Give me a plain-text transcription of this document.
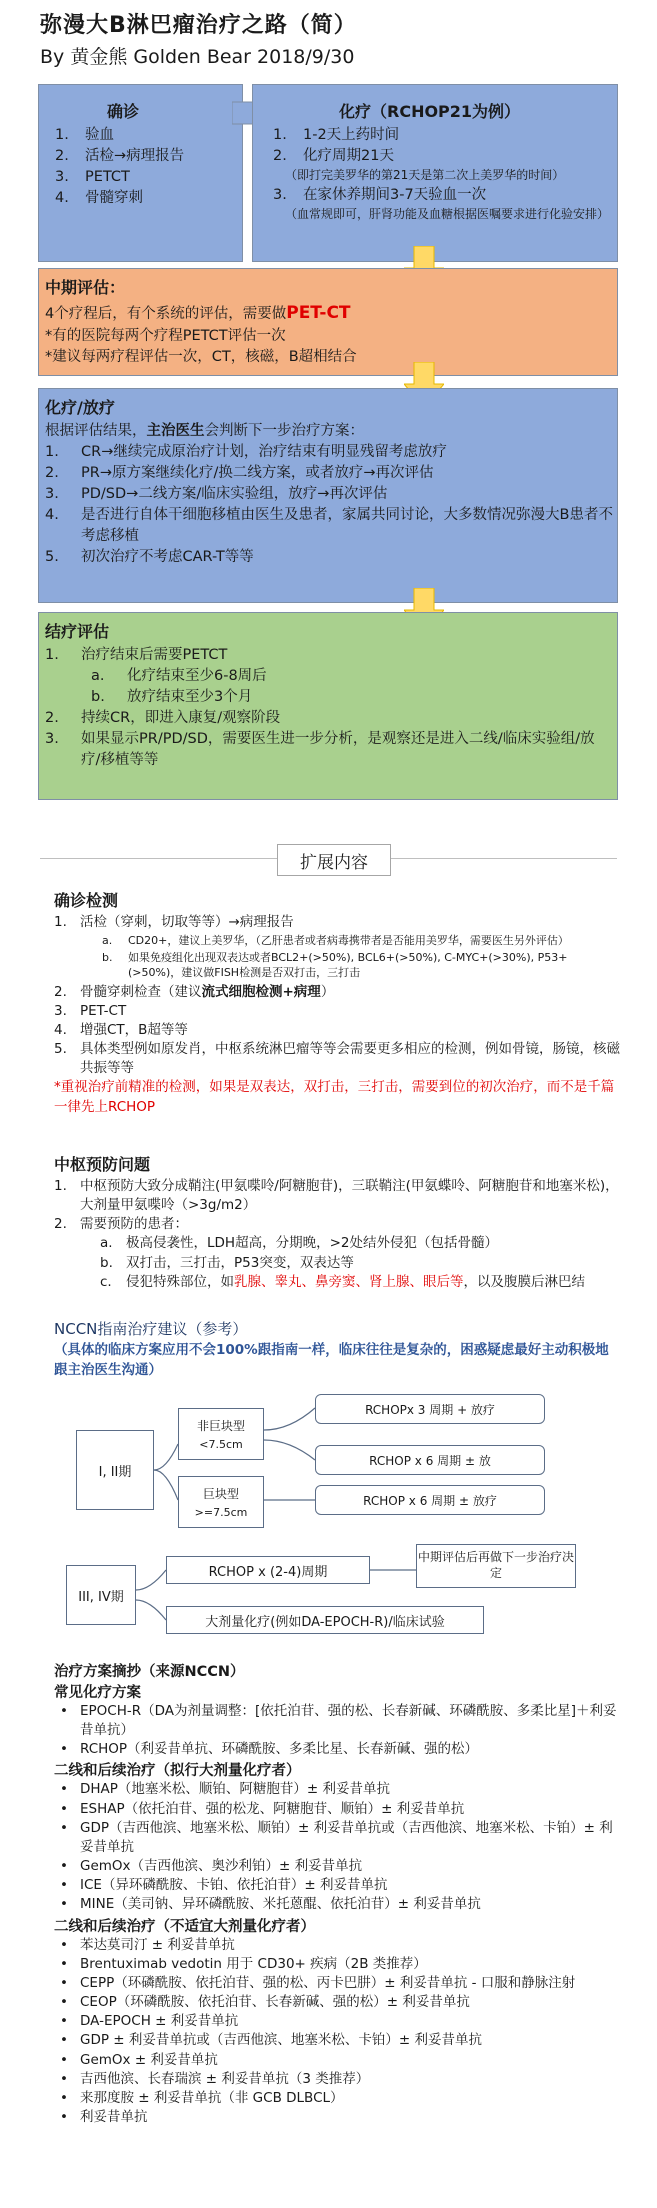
弥漫大B淋巴瘤治疗之路（简）
By 黄金熊 Golden Bear 2018/9/30
确诊
1. 验血
2. 活检→病理报告
3. PETCT
4. 骨髓穿刺
化疗（RCHOP21为例）
1. 1-2天上药时间
2. 化疗周期21天
（即打完美罗华的第21天是第二次上美罗华的时间）
3. 在家休养期间3-7天验血一次
（血常规即可，肝肾功能及血糖根据医嘱要求进行化验安排）
中期评估：
4个疗程后，有个系统的评估，需要做PET-CT
*有的医院每两个疗程PETCT评估一次
*建议每两疗程评估一次，CT，核磁，B超相结合
化疗/放疗
根据评估结果，主治医生会判断下一步治疗方案：
1. CR→继续完成原治疗计划，治疗结束有明显残留考虑放疗
2. PR→原方案继续化疗/换二线方案，或者放疗→再次评估
3. PD/SD→二线方案/临床实验组，放疗→再次评估
4. 是否进行自体干细胞移植由医生及患者，家属共同讨论，大多数情况弥漫大B患者不考虑移植
5. 初次治疗不考虑CAR-T等等
结疗评估
1. 治疗结束后需要PETCT
a. 化疗结束至少6-8周后
b. 放疗结束至少3个月
2. 持续CR，即进入康复/观察阶段
3. 如果显示PR/PD/SD，需要医生进一步分析，是观察还是进入二线/临床实验组/放疗/移植等等
扩展内容
确诊检测
1. 活检（穿刺，切取等等）→病理报告
a. CD20+，建议上美罗华，（乙肝患者或者病毒携带者是否能用美罗华，需要医生另外评估）
b. 如果免疫组化出现双表达或者BCL2+(>50%), BCL6+(>50%), C-MYC+(>30%), P53+(>50%)，建议做FISH检测是否双打击，三打击
2. 骨髓穿刺检查（建议流式细胞检测+病理）
3. PET-CT
4. 增强CT，B超等等
5. 具体类型例如原发肖，中枢系统淋巴瘤等等会需要更多相应的检测，例如骨镜，肠镜，核磁共振等等
*重视治疗前精准的检测，如果是双表达，双打击，三打击，需要到位的初次治疗，而不是千篇一律先上RCHOP
中枢预防问题
1. 中枢预防大致分成鞘注(甲氨喋呤/阿糖胞苷)，三联鞘注(甲氨蝶呤、阿糖胞苷和地塞米松)，大剂量甲氨喋呤（>3g/m2）
2. 需要预防的患者：
a. 极高侵袭性，LDH超高，分期晚，>2处结外侵犯（包括骨髓）
b. 双打击，三打击，P53突变，双表达等
c. 侵犯特殊部位，如乳腺、睾丸、鼻旁窦、肾上腺、眼后等，以及腹膜后淋巴结
NCCN指南治疗建议（参考）
（具体的临床方案应用不会100%跟指南一样，临床往往是复杂的，困惑疑虑最好主动积极地跟主治医生沟通）
I, II期
非巨块型
<7.5cm
巨块型
>=7.5cm
RCHOPx 3 周期 + 放疗
RCHOP x 6 周期 ± 放
RCHOP x 6 周期 ± 放疗
III, IV期
RCHOP x (2-4)周期
中期评估后再做下一步治疗决定
大剂量化疗(例如DA-EPOCH-R)/临床试验
治疗方案摘抄（来源NCCN）
常见化疗方案
• EPOCH-R（DA为剂量调整：[依托泊苷、强的松、长春新碱、环磷酰胺、多柔比星]＋利妥昔单抗）
• RCHOP（利妥昔单抗、环磷酰胺、多柔比星、长春新碱、强的松）
二线和后续治疗（拟行大剂量化疗者）
• DHAP（地塞米松、顺铂、阿糖胞苷）± 利妥昔单抗
• ESHAP（依托泊苷、强的松龙、阿糖胞苷、顺铂）± 利妥昔单抗
• GDP（吉西他滨、地塞米松、顺铂）± 利妥昔单抗或（吉西他滨、地塞米松、卡铂）± 利妥昔单抗
• GemOx（吉西他滨、奥沙利铂）± 利妥昔单抗
• ICE（异环磷酰胺、卡铂、依托泊苷）± 利妥昔单抗
• MINE（美司钠、异环磷酰胺、米托蒽醌、依托泊苷）± 利妥昔单抗
二线和后续治疗（不适宜大剂量化疗者）
• 苯达莫司汀 ± 利妥昔单抗
• Brentuximab vedotin 用于 CD30+ 疾病（2B 类推荐）
• CEPP（环磷酰胺、依托泊苷、强的松、丙卡巴肼）± 利妥昔单抗 - 口服和静脉注射
• CEOP（环磷酰胺、依托泊苷、长春新碱、强的松）± 利妥昔单抗
• DA-EPOCH ± 利妥昔单抗
• GDP ± 利妥昔单抗或（吉西他滨、地塞米松、卡铂）± 利妥昔单抗
• GemOx ± 利妥昔单抗
• 吉西他滨、长春瑞滨 ± 利妥昔单抗（3 类推荐）
• 来那度胺 ± 利妥昔单抗（非 GCB DLBCL）
• 利妥昔单抗
